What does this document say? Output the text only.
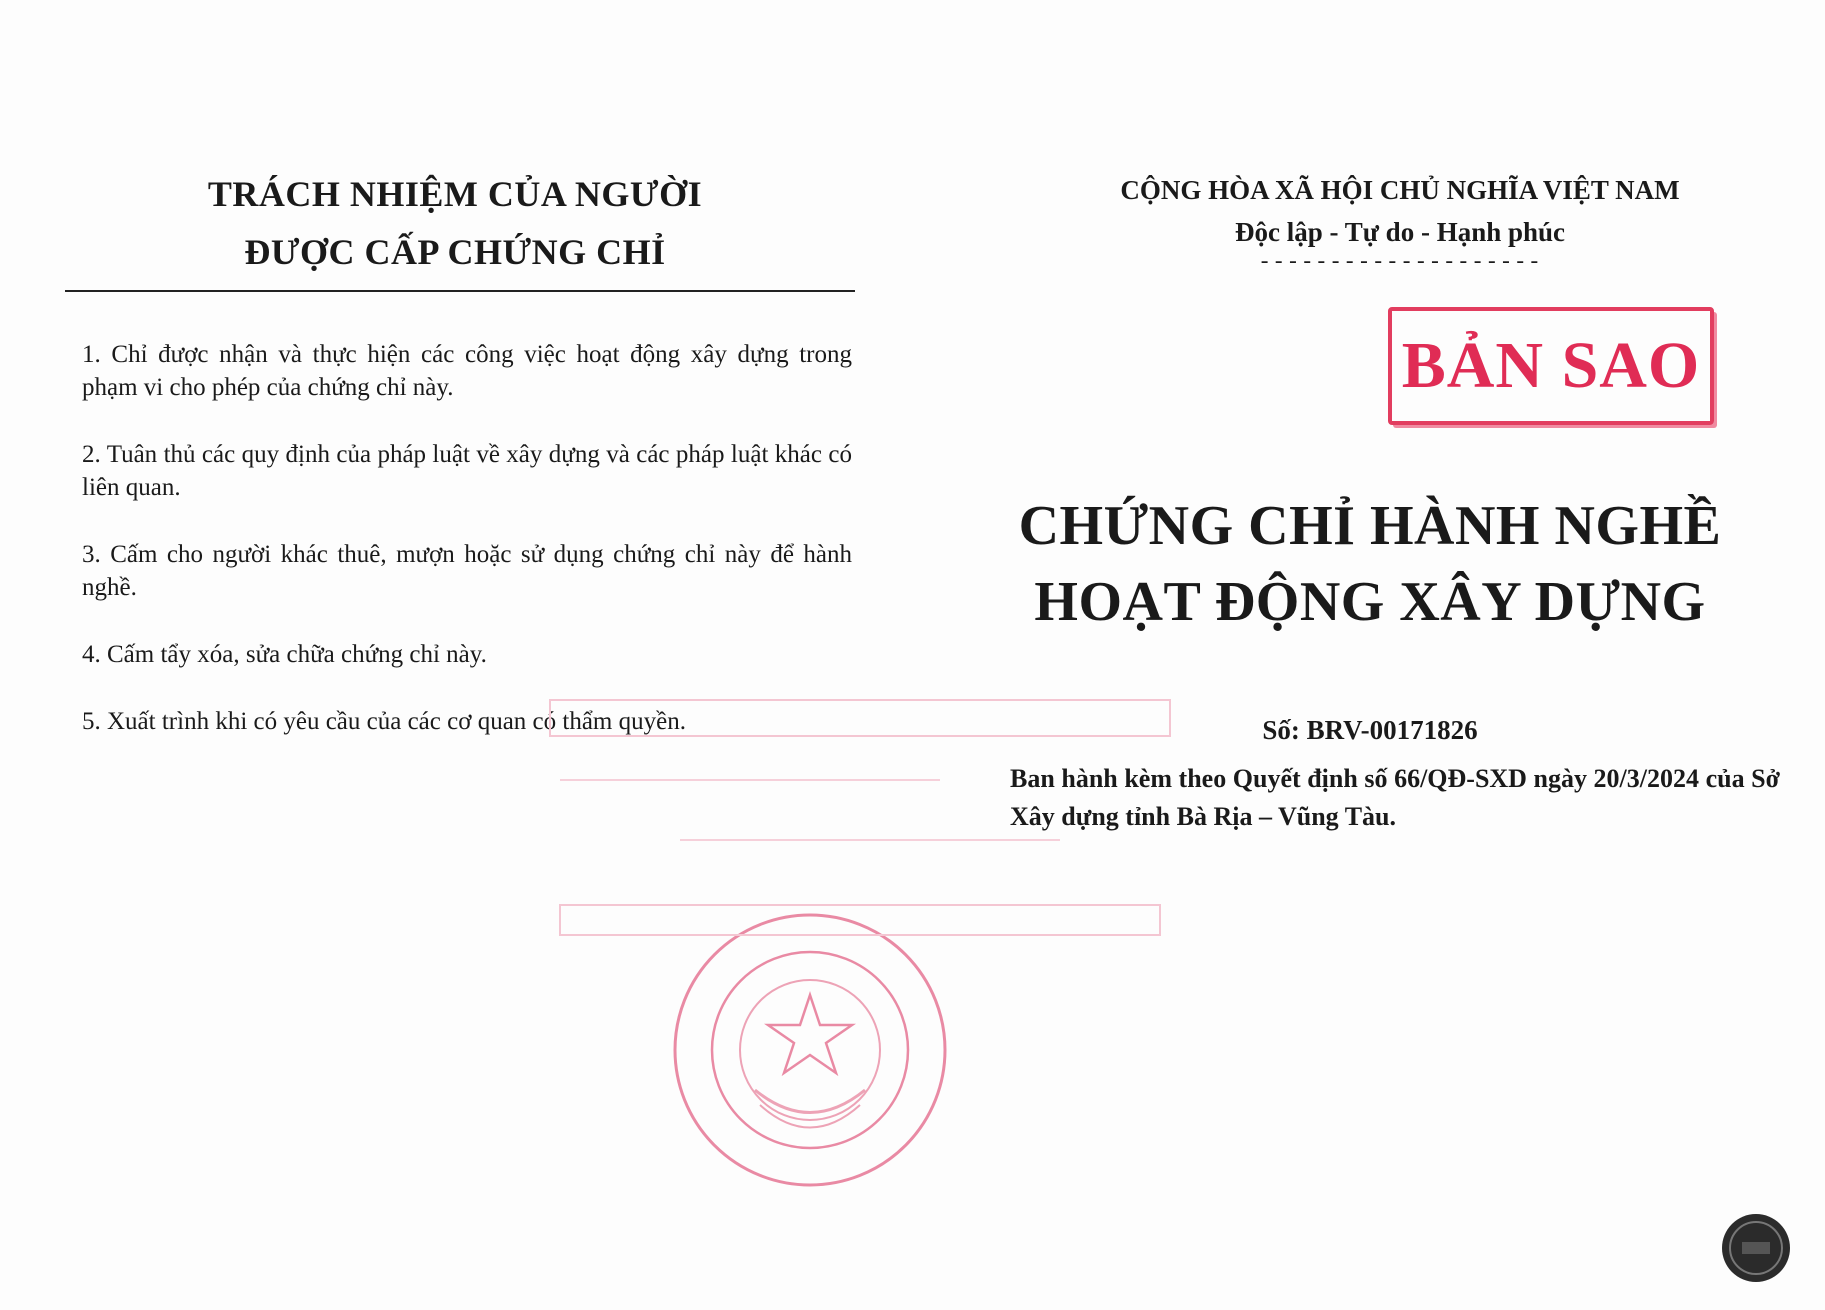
TRÁCH NHIỆM CỦA NGƯỜI
ĐƯỢC CẤP CHỨNG CHỈ
1. Chỉ được nhận và thực hiện các công việc hoạt động xây dựng trong phạm vi cho phép của chứng chỉ này.
2. Tuân thủ các quy định của pháp luật về xây dựng và các pháp luật khác có liên quan.
3. Cấm cho người khác thuê, mượn hoặc sử dụng chứng chỉ này để hành nghề.
4. Cấm tẩy xóa, sửa chữa chứng chỉ này.
5. Xuất trình khi có yêu cầu của các cơ quan có thẩm quyền.
CỘNG HÒA XÃ HỘI CHỦ NGHĨA VIỆT NAM
Độc lập - Tự do - Hạnh phúc
--------------------
BẢN SAO
CHỨNG CHỈ HÀNH NGHỀ
HOẠT ĐỘNG XÂY DỰNG
Số: BRV-00171826
Ban hành kèm theo Quyết định số 66/QĐ-SXD ngày 20/3/2024 của Sở Xây dựng tỉnh Bà Rịa – Vũng Tàu.
